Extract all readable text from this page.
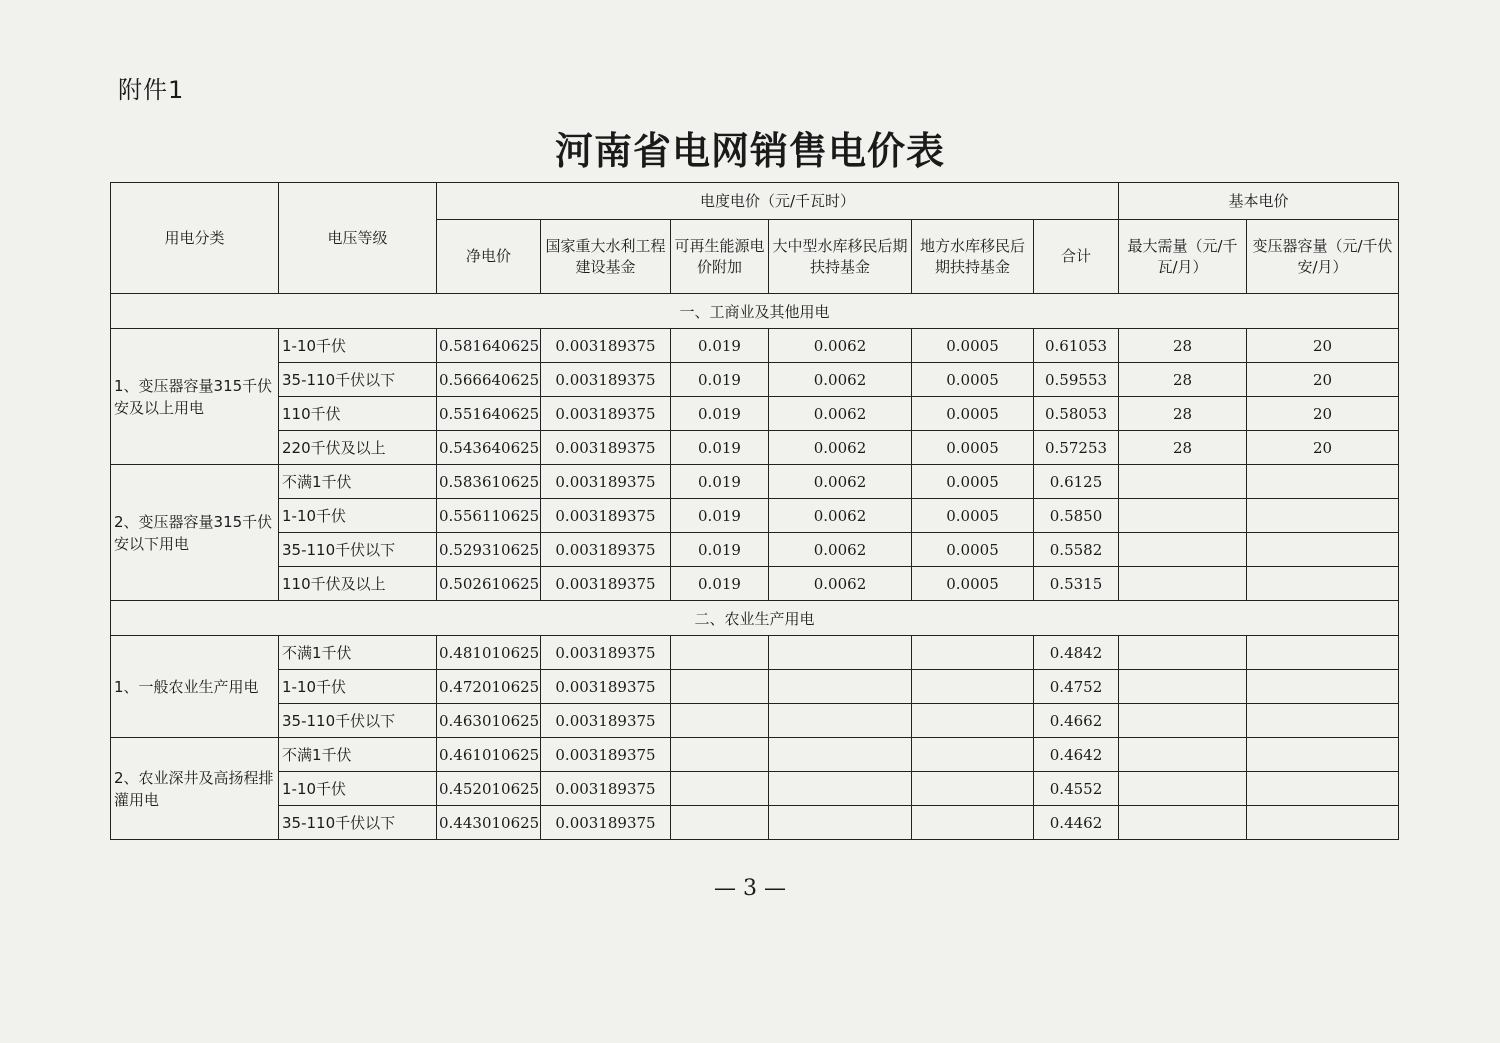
附件1
河南省电网销售电价表
用电分类	电压等级	电度电价（元/千瓦时）						基本电价	
		净电价	国家重大水利工程建设基金	可再生能源电价附加	大中型水库移民后期扶持基金	地方水库移民后期扶持基金	合计	最大需量（元/千瓦/月）	变压器容量（元/千伏安/月）
一、工商业及其他用电									
1、变压器容量315千伏安及以上用电	1-10千伏	0.581640625	0.003189375	0.019	0.0062	0.0005	0.61053	28	20
	35-110千伏以下	0.566640625	0.003189375	0.019	0.0062	0.0005	0.59553	28	20
	110千伏	0.551640625	0.003189375	0.019	0.0062	0.0005	0.58053	28	20
	220千伏及以上	0.543640625	0.003189375	0.019	0.0062	0.0005	0.57253	28	20
2、变压器容量315千伏安以下用电	不满1千伏	0.583610625	0.003189375	0.019	0.0062	0.0005	0.6125		
	1-10千伏	0.556110625	0.003189375	0.019	0.0062	0.0005	0.5850		
	35-110千伏以下	0.529310625	0.003189375	0.019	0.0062	0.0005	0.5582		
	110千伏及以上	0.502610625	0.003189375	0.019	0.0062	0.0005	0.5315		
二、农业生产用电									
1、一般农业生产用电	不满1千伏	0.481010625	0.003189375				0.4842		
	1-10千伏	0.472010625	0.003189375				0.4752		
	35-110千伏以下	0.463010625	0.003189375				0.4662		
2、农业深井及高扬程排灌用电	不满1千伏	0.461010625	0.003189375				0.4642		
	1-10千伏	0.452010625	0.003189375				0.4552		
	35-110千伏以下	0.443010625	0.003189375				0.4462		
— 3 —
